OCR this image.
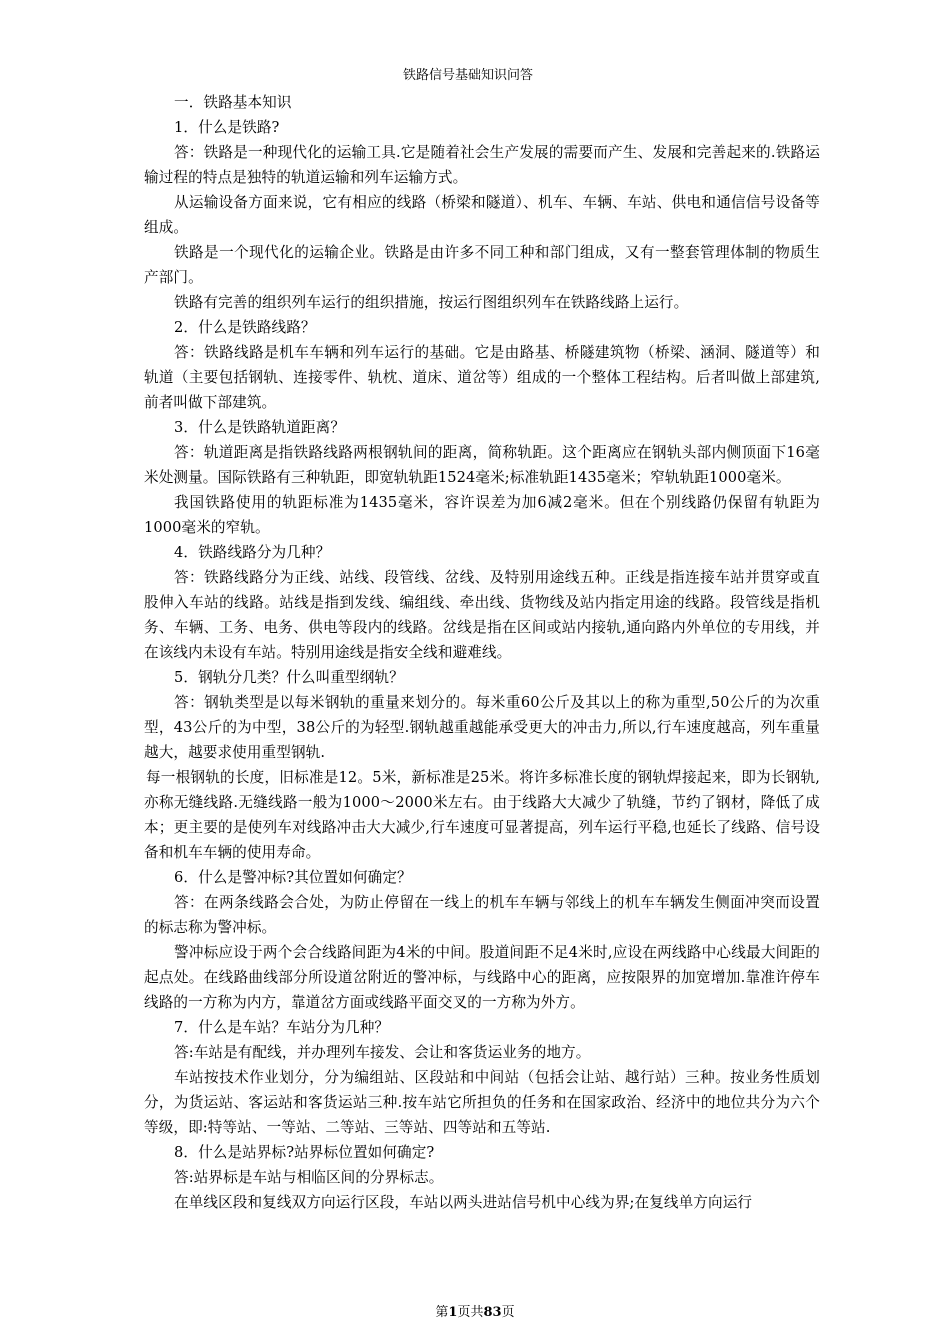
铁路信号基础知识问答

一．铁路基本知识

1．什么是铁路?

答：铁路是一种现代化的运输工具.它是随着社会生产发展的需要而产生、发展和完善起来的.铁路运输过程的特点是独特的轨道运输和列车运输方式。

从运输设备方面来说，它有相应的线路（桥梁和隧道）、机车、车辆、车站、供电和通信信号设备等组成。

铁路是一个现代化的运输企业。铁路是由许多不同工种和部门组成，又有一整套管理体制的物质生产部门。

铁路有完善的组织列车运行的组织措施，按运行图组织列车在铁路线路上运行。

2．什么是铁路线路？

答：铁路线路是机车车辆和列车运行的基础。它是由路基、桥隧建筑物（桥梁、涵洞、隧道等）和轨道（主要包括钢轨、连接零件、轨枕、道床、道岔等）组成的一个整体工程结构。后者叫做上部建筑,前者叫做下部建筑。

3．什么是铁路轨道距离？

答：轨道距离是指铁路线路两根钢轨间的距离，简称轨距。这个距离应在钢轨头部内侧顶面下16毫米处测量。国际铁路有三种轨距，即宽轨轨距1524毫米;标准轨距1435毫米；窄轨轨距1000毫米。

我国铁路使用的轨距标准为1435毫米，容许误差为加6减2毫米。但在个别线路仍保留有轨距为1000毫米的窄轨。

4．铁路线路分为几种？

答：铁路线路分为正线、站线、段管线、岔线、及特别用途线五种。正线是指连接车站并贯穿或直股伸入车站的线路。站线是指到发线、编组线、牵出线、货物线及站内指定用途的线路。段管线是指机务、车辆、工务、电务、供电等段内的线路。岔线是指在区间或站内接轨,通向路内外单位的专用线，并在该线内未设有车站。特别用途线是指安全线和避难线。

5．钢轨分几类？什么叫重型纲轨？

答：钢轨类型是以每米钢轨的重量来划分的。每米重60公斤及其以上的称为重型,50公斤的为次重型，43公斤的为中型，38公斤的为轻型.钢轨越重越能承受更大的冲击力,所以,行车速度越高，列车重量越大，越要求使用重型钢轨.

每一根钢轨的长度，旧标准是12。5米，新标准是25米。将许多标准长度的钢轨焊接起来，即为长钢轨,亦称无缝线路.无缝线路一般为1000～2000米左右。由于线路大大减少了轨缝，节约了钢材，降低了成本；更主要的是使列车对线路冲击大大减少,行车速度可显著提高，列车运行平稳,也延长了线路、信号设备和机车车辆的使用寿命。

6．什么是警冲标?其位置如何确定？

答：在两条线路会合处，为防止停留在一线上的机车车辆与邻线上的机车车辆发生侧面冲突而设置的标志称为警冲标。

警冲标应设于两个会合线路间距为4米的中间。股道间距不足4米时,应设在两线路中心线最大间距的起点处。在线路曲线部分所设道岔附近的警冲标，与线路中心的距离，应按限界的加宽增加.靠准许停车线路的一方称为内方，靠道岔方面或线路平面交叉的一方称为外方。

7．什么是车站？车站分为几种？

答:车站是有配线，并办理列车接发、会让和客货运业务的地方。

车站按技术作业划分，分为编组站、区段站和中间站（包括会让站、越行站）三种。按业务性质划分，为货运站、客运站和客货运站三种.按车站它所担负的任务和在国家政治、经济中的地位共分为六个等级，即:特等站、一等站、二等站、三等站、四等站和五等站.

8．什么是站界标?站界标位置如何确定?

答:站界标是车站与相临区间的分界标志。

在单线区段和复线双方向运行区段，车站以两头进站信号机中心线为界;在复线单方向运行

第1页共83页
